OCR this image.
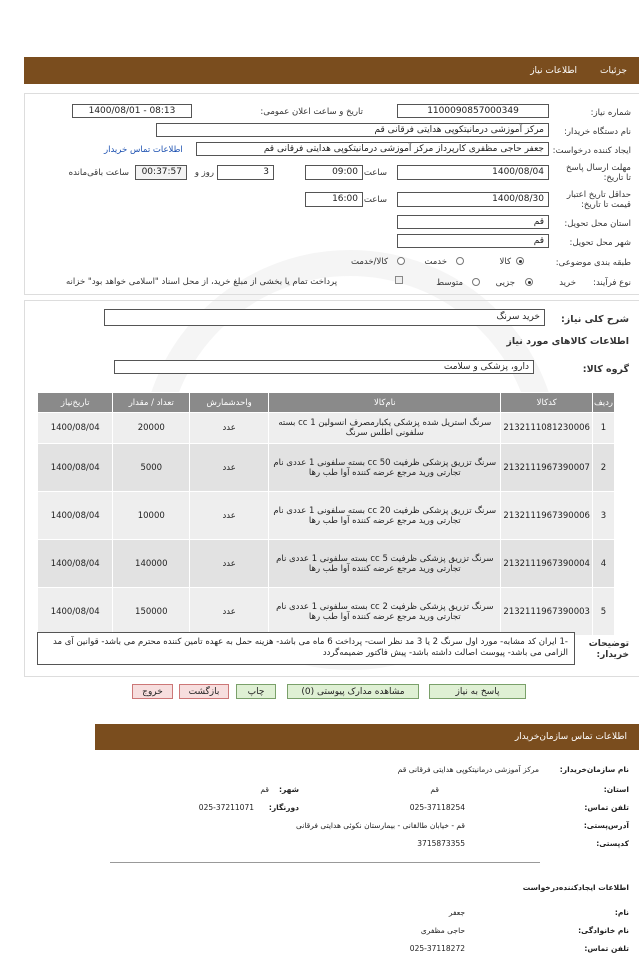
جزئیات
اطلاعات نیاز
شماره نیاز:
1100090857000349
تاریخ و ساعت اعلان عمومی:
1400/08/01 - 08:13
نام دستگاه خریدار:
مرکز آموزشی درمانیتکوپی هدایتی فرقانی قم
ایجاد کننده درخواست:
جعفر حاجی مظفری کارپرداز مرکز آموزشی درمانیتکوپی هدایتی فرقانی قم
اطلاعات تماس خریدار
مهلت ارسال پاسخ تا تاریخ:
1400/08/04
ساعت
09:00
3
روز و
00:37:57
ساعت باقی‌مانده
حداقل تاریخ اعتبار قیمت تا تاریخ:
1400/08/30
ساعت
16:00
استان محل تحویل:
قم
شهر محل تحویل:
قم
طبقه بندی موضوعی:
کالا
خدمت
کالا/خدمت
نوع فرآیند:
خرید
جزیی
متوسط
پرداخت تمام یا بخشی از مبلغ خرید، از محل اسناد "اسلامی خواهد بود" خزانه
شرح کلی نیاز:
خرید سرنگ
اطلاعات کالاهای مورد نیاز
گروه کالا:
دارو، پزشکی و سلامت
ردیف	کدکالا	نام‌کالا	واحدشمارش	تعداد / مقدار	تاریخ‌نیاز
1	2132111081230006	سرنگ استریل شده پزشکی یکبارمصرف انسولین 1 cc بسته سلفونی اطلس سرنگ	عدد	20000	1400/08/04
2	2132111967390007	سرنگ تزریق پزشکی ظرفیت 50 cc بسته سلفونی 1 عددی نام تجارتی ورید مرجع عرضه کننده آوا طب رها	عدد	5000	1400/08/04
3	2132111967390006	سرنگ تزریق پزشکی ظرفیت 20 cc بسته سلفونی 1 عددی نام تجارتی ورید مرجع عرضه کننده آوا طب رها	عدد	10000	1400/08/04
4	2132111967390004	سرنگ تزریق پزشکی ظرفیت 5 cc بسته سلفونی 1 عددی نام تجارتی ورید مرجع عرضه کننده آوا طب رها	عدد	140000	1400/08/04
5	2132111967390003	سرنگ تزریق پزشکی ظرفیت 2 cc بسته سلفونی 1 عددی نام تجارتی ورید مرجع عرضه کننده آوا طب رها	عدد	150000	1400/08/04
توضیحات خریدار:
-1 ایران کد مشابه- مورد اول سرنگ 2 یا 3 مد نظر است- پرداخت 6 ماه می باشد- هزینه حمل به عهده تامین کننده محترم می باشد- قوانین آی مد الزامی می باشد- پیوست اصالت داشته باشد- پیش فاکتور ضمیمه‌گردد
پاسخ به نیاز
مشاهده مدارک پیوستی (0)
چاپ
بازگشت
خروج
اطلاعات تماس سازمان‌خریدار
نام سازمان‌خریدار:
مرکز آموزشی درمانیتکوپی هدایتی فرقانی قم
استان:
قم
شهر:
قم
تلفن تماس:
025-37118254
دورنگار:
025-37211071
آدرس‌پستی:
قم - خیابان طالقانی - بیمارستان نکوئی هدایتی فرقانی
کدپستی:
3715873355
اطلاعات ایجادکننده‌درخواست
نام:
جعفر
نام خانوادگی:
حاجی مظفری
تلفن تماس:
025-37118272
